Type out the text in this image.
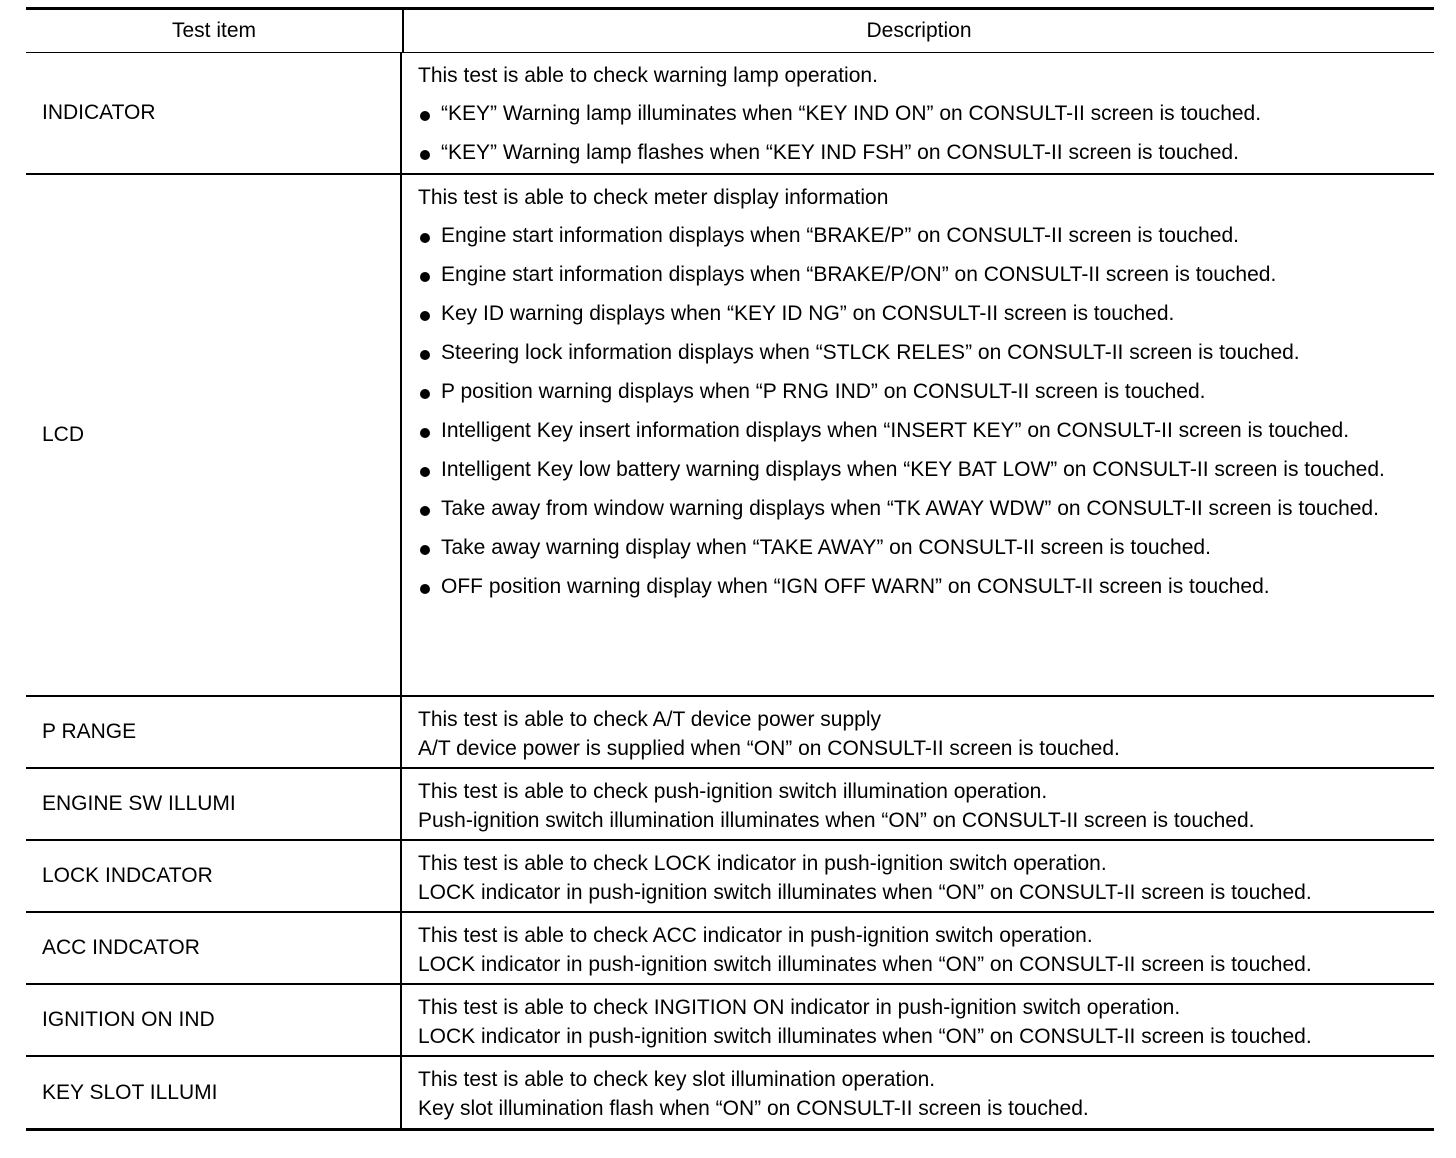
Test item	Description
INDICATOR
This test is able to check warning lamp operation.
“KEY” Warning lamp illuminates when “KEY IND ON” on CONSULT-II screen is touched.
“KEY” Warning lamp flashes when “KEY IND FSH” on CONSULT-II screen is touched.
LCD
This test is able to check meter display information
Engine start information displays when “BRAKE/P” on CONSULT-II screen is touched.
Engine start information displays when “BRAKE/P/ON” on CONSULT-II screen is touched.
Key ID warning displays when “KEY ID NG” on CONSULT-II screen is touched.
Steering lock information displays when “STLCK RELES” on CONSULT-II screen is touched.
P position warning displays when “P RNG IND” on CONSULT-II screen is touched.
Intelligent Key insert information displays when “INSERT KEY” on CONSULT-II screen is touched.
Intelligent Key low battery warning displays when “KEY BAT LOW” on CONSULT-II screen is touched.
Take away from window warning displays when “TK AWAY WDW” on CONSULT-II screen is touched.
Take away warning display when “TAKE AWAY” on CONSULT-II screen is touched.
OFF position warning display when “IGN OFF WARN” on CONSULT-II screen is touched.
P RANGE
This test is able to check A/T device power supply
A/T device power is supplied when “ON” on CONSULT-II screen is touched.
ENGINE SW ILLUMI
This test is able to check push-ignition switch illumination operation.
Push-ignition switch illumination illuminates when “ON” on CONSULT-II screen is touched.
LOCK INDCATOR
This test is able to check LOCK indicator in push-ignition switch operation.
LOCK indicator in push-ignition switch illuminates when “ON” on CONSULT-II screen is touched.
ACC INDCATOR
This test is able to check ACC indicator in push-ignition switch operation.
LOCK indicator in push-ignition switch illuminates when “ON” on CONSULT-II screen is touched.
IGNITION ON IND
This test is able to check INGITION ON indicator in push-ignition switch operation.
LOCK indicator in push-ignition switch illuminates when “ON” on CONSULT-II screen is touched.
KEY SLOT ILLUMI
This test is able to check key slot illumination operation.
Key slot illumination flash when “ON” on CONSULT-II screen is touched.
